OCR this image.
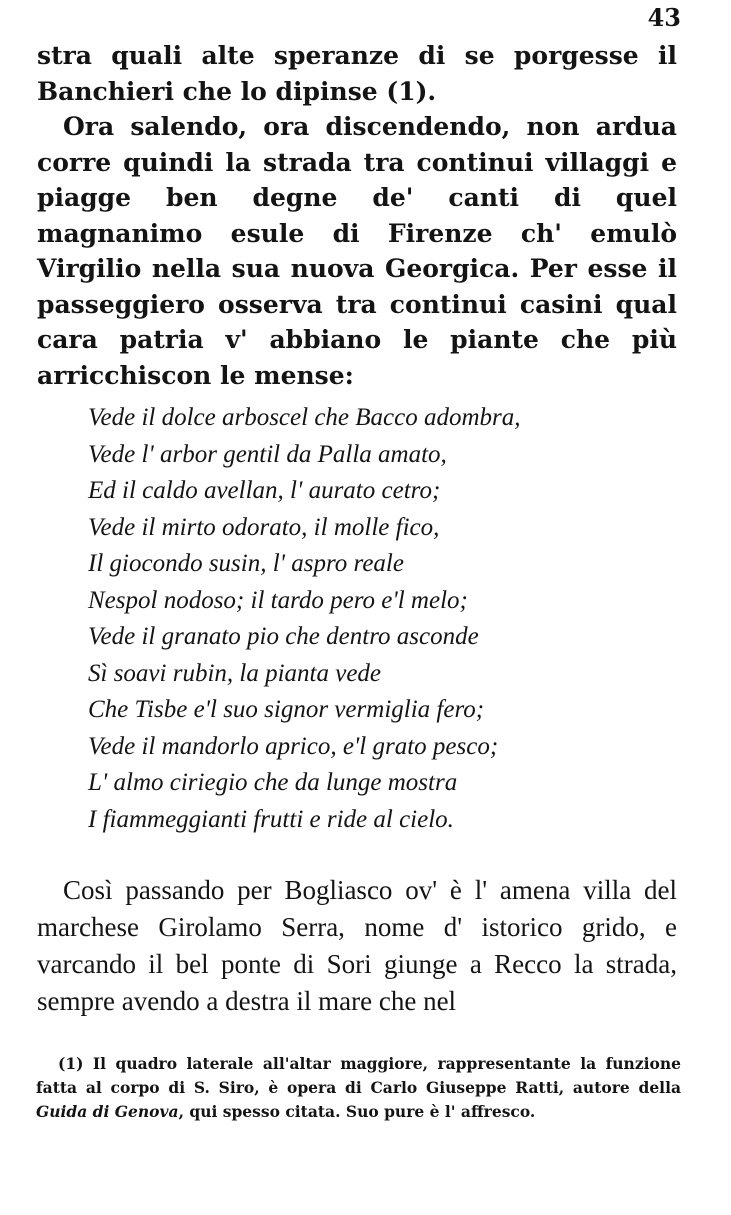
43

stra quali alte speranze di se porgesse il Banchieri che lo dipinse (1).

Ora salendo, ora discendendo, non ardua corre quindi la strada tra continui villaggi e piagge ben degne de' canti di quel magnanimo esule di Firenze ch' emulò Virgilio nella sua nuova Georgica. Per esse il passeggiero osserva tra continui casini qual cara patria v' abbiano le piante che più arricchiscon le mense:

Vede il dolce arboscel che Bacco adombra,
Vede l' arbor gentil da Palla amato,
Ed il caldo avellan, l' aurato cetro;
Vede il mirto odorato, il molle fico,
Il giocondo susin, l' aspro reale
Nespol nodoso; il tardo pero e'l melo;
Vede il granato pio che dentro asconde
Sì soavi rubin, la pianta vede
Che Tisbe e'l suo signor vermiglia fero;
Vede il mandorlo aprico, e'l grato pesco;
L' almo ciriegio che da lunge mostra
I fiammeggianti frutti e ride al cielo.

Così passando per Bogliasco ov' è l' amena villa del marchese Girolamo Serra, nome d' istorico grido, e varcando il bel ponte di Sori giunge a Recco la strada, sempre avendo a destra il mare che nel

(1) Il quadro laterale all'altar maggiore, rappresentante la funzione fatta al corpo di S. Siro, è opera di Carlo Giuseppe Ratti, autore della Guida di Genova, qui spesso citata. Suo pure è l' affresco.
